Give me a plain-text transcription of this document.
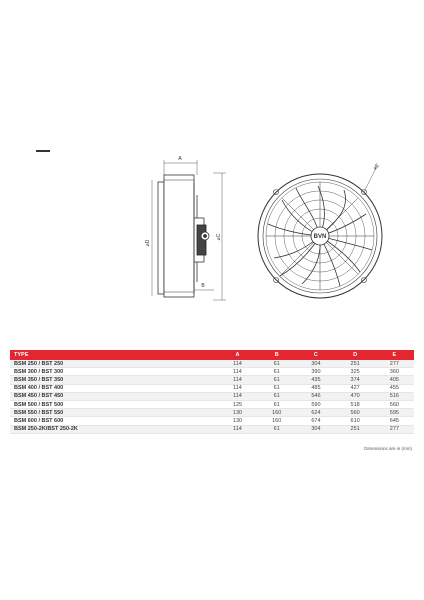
A
B
⌀D
⌀C	BVN
⌀E
TYPE	A	B	C	D	E
BSM 250 / BST 250	114	61	304	251	277
BSM 300 / BST 300	114	61	390	325	360
BSM 350 / BST 350	114	61	435	374	405
BSM 400 / BST 400	114	61	485	427	455
BSM 450 / BST 450	114	61	546	470	516
BSM 500 / BST 500	125	61	590	518	560
BSM 550 / BST 550	130	160	624	560	595
BSM 600 / BST 600	130	160	674	610	645
BSM 250-2K/BST 250-2K	114	61	304	251	277
Dimensions are in (mm)
